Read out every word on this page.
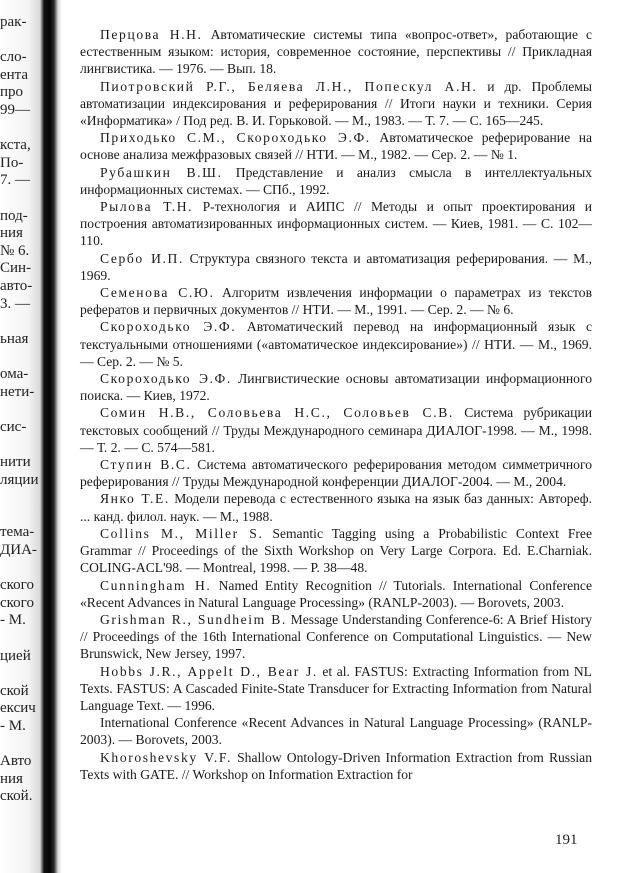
рак-
сло-
ента
про
99—
кста,
По-
7. —
под-
ния
№ 6.
Син-
авто-
3. —
ьная
ома-
нети-
сис-
нити
ляции
тема-
ДИА-
ского
ского
- М.
цией
ской
ексич
- М.
Авто
ния
ской.

Перцова Н.Н. Автоматические системы типа «вопрос-ответ», работающие с естественным языком: история, современное состояние, перспективы // Прикладная лингвистика. — 1976. — Вып. 18.

Пиотровский Р.Г., Беляева Л.Н., Попескул А.Н. и др. Проблемы автоматизации индексирования и реферирования // Итоги науки и техники. Серия «Информатика» / Под ред. В. И. Горьковой. — М., 1983. — Т. 7. — С. 165—245.

Приходько С.М., Скороходько Э.Ф. Автоматическое реферирование на основе анализа межфразовых связей // НТИ. — М., 1982. — Сер. 2. — № 1.

Рубашкин В.Ш. Представление и анализ смысла в интеллектуальных информационных системах. — СПб., 1992.

Рылова Т.Н. Р-технология и АИПС // Методы и опыт проектирования и построения автоматизированных информационных систем. — Киев, 1981. — С. 102—110.

Сербо И.П. Структура связного текста и автоматизация реферирования. — М., 1969.

Семенова С.Ю. Алгоритм извлечения информации о параметрах из текстов рефератов и первичных документов // НТИ. — М., 1991. — Сер. 2. — № 6.

Скороходько Э.Ф. Автоматический перевод на информационный язык с текстуальными отношениями («автоматическое индексирование») // НТИ. — М., 1969. — Сер. 2. — № 5.

Скороходько Э.Ф. Лингвистические основы автоматизации информационного поиска. — Киев, 1972.

Сомин Н.В., Соловьева Н.С., Соловьев С.В. Система рубрикации текстовых сообщений // Труды Международного семинара ДИАЛОГ-1998. — М., 1998. — Т. 2. — С. 574—581.

Ступин В.С. Система автоматического реферирования методом симметричного реферирования // Труды Международной конференции ДИАЛОГ-2004. — М., 2004.

Янко Т.Е. Модели перевода с естественного языка на язык баз данных: Автореф. ... канд. филол. наук. — М., 1988.

Collins M., Miller S. Semantic Tagging using a Probabilistic Context Free Grammar // Proceedings of the Sixth Workshop on Very Large Corpora. Ed. E.Charniak. COLING-ACL'98. — Montreal, 1998. — P. 38—48.

Cunningham H. Named Entity Recognition // Tutorials. International Conference «Recent Advances in Natural Language Processing» (RANLP-2003). — Borovets, 2003.

Grishman R., Sundheim B. Message Understanding Conference-6: A Brief History // Proceedings of the 16th International Conference on Computational Linguistics. — New Brunswick, New Jersey, 1997.

Hobbs J.R., Appelt D., Bear J. et al. FASTUS: Extracting Information from NL Texts. FASTUS: A Cascaded Finite-State Transducer for Extracting Information from Natural Language Text. — 1996.

International Conference «Recent Advances in Natural Language Processing» (RANLP-2003). — Borovets, 2003.

Khoroshevsky V.F. Shallow Ontology-Driven Information Extraction from Russian Texts with GATE. // Workshop on Information Extraction for

191
